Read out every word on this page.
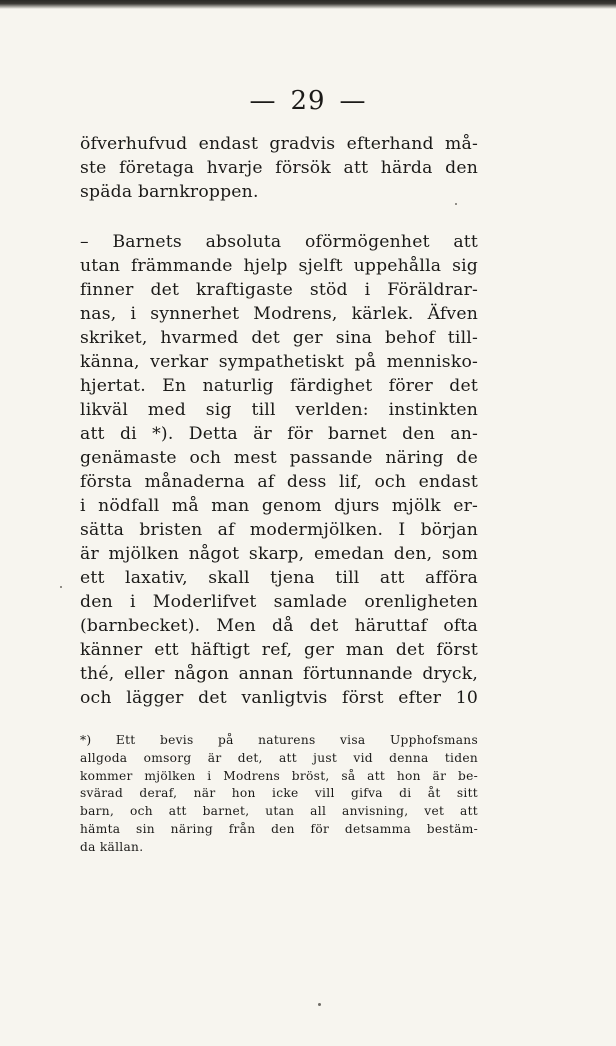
— 29 —
öfverhufvud endast gradvis efterhand må-
ste företaga hvarje försök att härda den
späda barnkroppen.
– Barnets absoluta oförmögenhet att
utan främmande hjelp sjelft uppehålla sig
finner det kraftigaste stöd i Föräldrar-
nas, i synnerhet Modrens, kärlek. Äfven
skriket, hvarmed det ger sina behof till-
känna, verkar sympathetiskt på mennisko-
hjertat. En naturlig färdighet förer det
likväl med sig till verlden: instinkten
att di *). Detta är för barnet den an-
genämaste och mest passande näring de
första månaderna af dess lif, och endast
i nödfall må man genom djurs mjölk er-
sätta bristen af modermjölken. I början
är mjölken något skarp, emedan den, som
ett laxativ, skall tjena till att afföra
den i Moderlifvet samlade orenligheten
(barnbecket). Men då det häruttaf ofta
känner ett häftigt ref, ger man det först
thé, eller någon annan förtunnande dryck,
och lägger det vanligtvis först efter 10
*) Ett bevis på naturens visa Upphofsmans
allgoda omsorg är det, att just vid denna tiden
kommer mjölken i Modrens bröst, så att hon är be-
svärad deraf, när hon icke vill gifva di åt sitt
barn, och att barnet, utan all anvisning, vet att
hämta sin näring från den för detsamma bestäm-
da källan.
